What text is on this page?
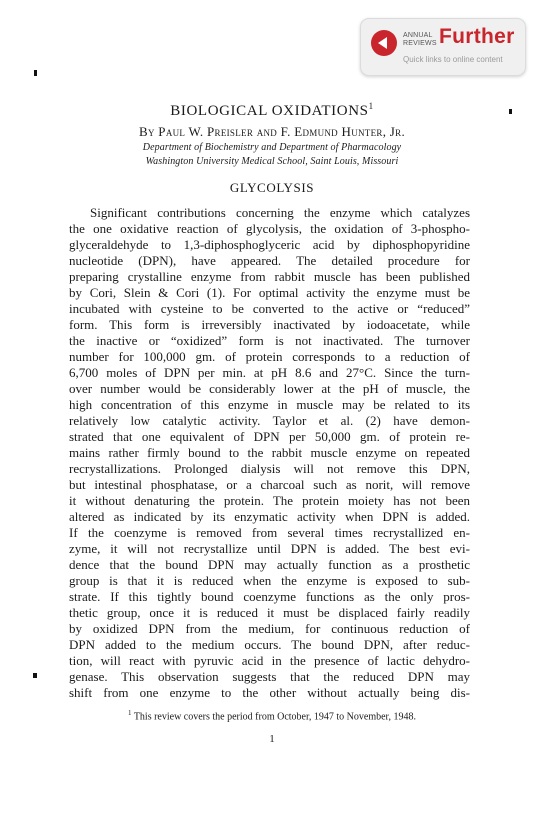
ANNUAL
REVIEWS Further
Quick links to online content
BIOLOGICAL OXIDATIONS$^1$
By Paul W. Preisler and F. Edmund Hunter, Jr.
Department of Biochemistry and Department of Pharmacology
Washington University Medical School, Saint Louis, Missouri
GLYCOLYSIS
Significant contributions concerning the enzyme which catalyzes
the one oxidative reaction of glycolysis, the oxidation of 3-phospho-
glyceraldehyde to 1,3-diphosphoglyceric acid by diphosphopyridine
nucleotide (DPN), have appeared. The detailed procedure for
preparing crystalline enzyme from rabbit muscle has been published
by Cori, Slein & Cori (1). For optimal activity the enzyme must be
incubated with cysteine to be converted to the active or “reduced”
form. This form is irreversibly inactivated by iodoacetate, while
the inactive or “oxidized” form is not inactivated. The turnover
number for 100,000 gm. of protein corresponds to a reduction of
6,700 moles of DPN per min. at pH 8.6 and 27°C. Since the turn-
over number would be considerably lower at the pH of muscle, the
high concentration of this enzyme in muscle may be related to its
relatively low catalytic activity. Taylor et al. (2) have demon-
strated that one equivalent of DPN per 50,000 gm. of protein re-
mains rather firmly bound to the rabbit muscle enzyme on repeated
recrystallizations. Prolonged dialysis will not remove this DPN,
but intestinal phosphatase, or a charcoal such as norit, will remove
it without denaturing the protein. The protein moiety has not been
altered as indicated by its enzymatic activity when DPN is added.
If the coenzyme is removed from several times recrystallized en-
zyme, it will not recrystallize until DPN is added. The best evi-
dence that the bound DPN may actually function as a prosthetic
group is that it is reduced when the enzyme is exposed to sub-
strate. If this tightly bound coenzyme functions as the only pros-
thetic group, once it is reduced it must be displaced fairly readily
by oxidized DPN from the medium, for continuous reduction of
DPN added to the medium occurs. The bound DPN, after reduc-
tion, will react with pyruvic acid in the presence of lactic dehydro-
genase. This observation suggests that the reduced DPN may
shift from one enzyme to the other without actually being dis-
$^1$ This review covers the period from October, 1947 to November, 1948.
1
